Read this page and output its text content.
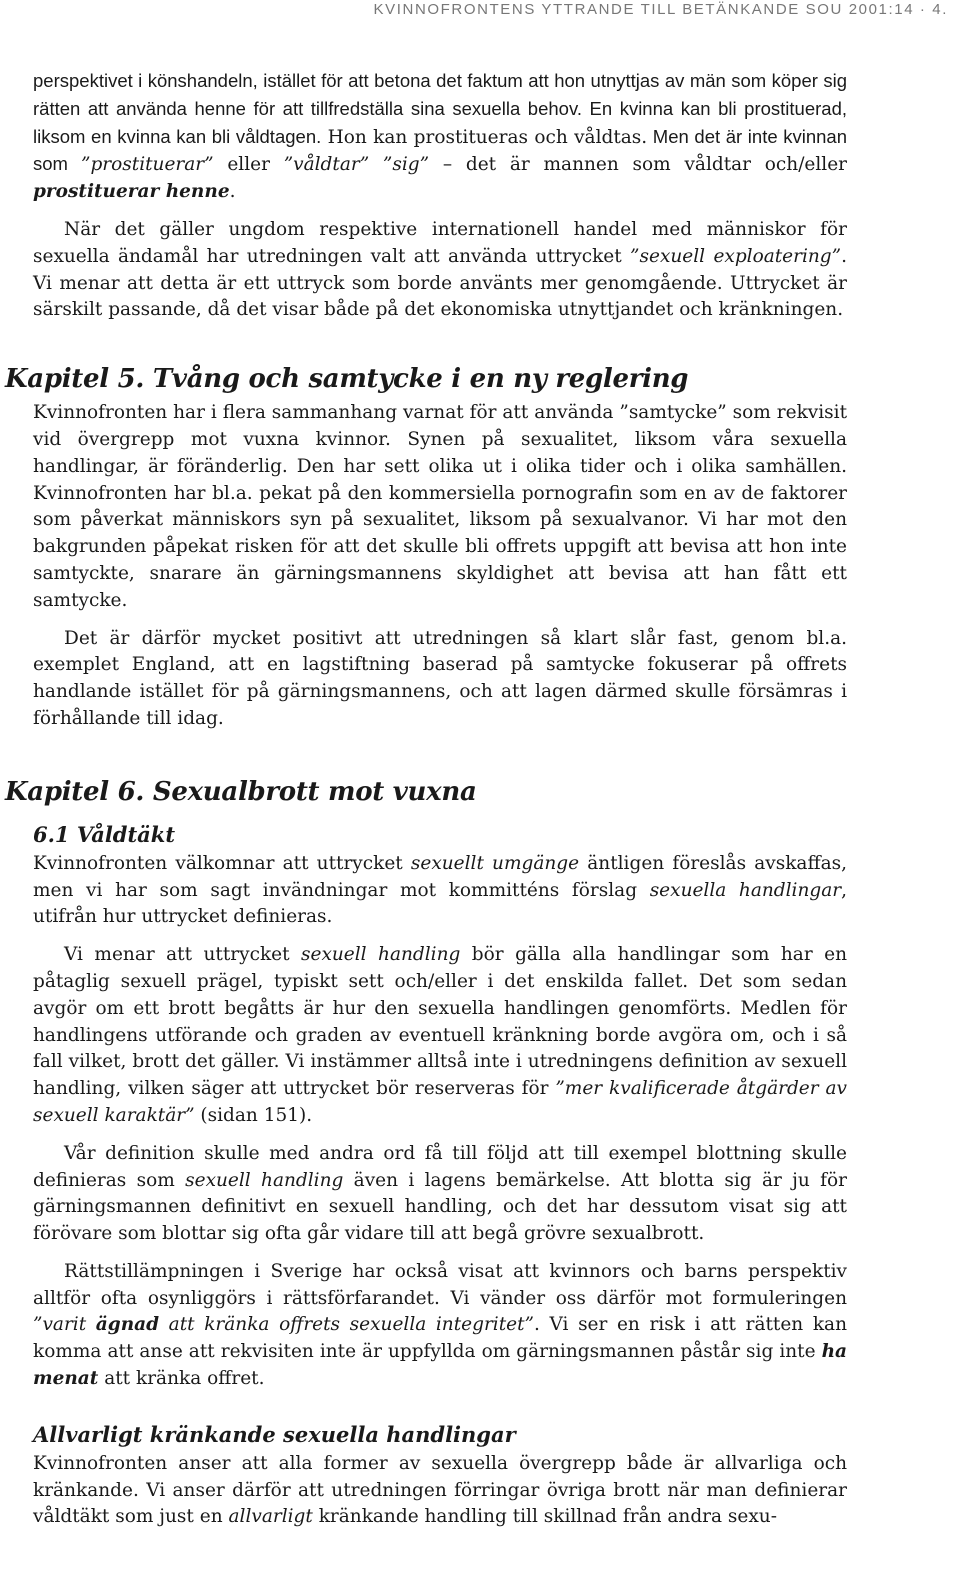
KVINNOFRONTENS YTTRANDE TILL BETÄNKANDE SOU 2001:14 · 4.

perspektivet i könshandeln, istället för att betona det faktum att hon utnyttjas av män som köper sig rätten att använda henne för att tillfredställa sina sexuella behov. En kvinna kan bli prostituerad, liksom en kvinna kan bli våldtagen. Hon kan prostitueras och våldtas. Men det är inte kvinnan som ”prostituerar” eller ”våldtar” ”sig” – det är mannen som våldtar och/eller prostituerar henne.

När det gäller ungdom respektive internationell handel med människor för sexuella ändamål har utredningen valt att använda uttrycket ”sexuell exploatering”. Vi menar att detta är ett uttryck som borde använts mer genomgående. Uttrycket är särskilt passande, då det visar både på det ekonomiska utnyttjandet och kränkningen.

Kapitel 5. Tvång och samtycke i en ny reglering

Kvinnofronten har i flera sammanhang varnat för att använda ”samtycke” som rekvisit vid övergrepp mot vuxna kvinnor. Synen på sexualitet, liksom våra sexuella handlingar, är föränderlig. Den har sett olika ut i olika tider och i olika samhällen. Kvinnofronten har bl.a. pekat på den kommersiella pornografin som en av de faktorer som påverkat människors syn på sexualitet, liksom på sexualvanor. Vi har mot den bakgrunden påpekat risken för att det skulle bli offrets uppgift att bevisa att hon inte samtyckte, snarare än gärningsmannens skyldighet att bevisa att han fått ett samtycke.

Det är därför mycket positivt att utredningen så klart slår fast, genom bl.a. exemplet England, att en lagstiftning baserad på samtycke fokuserar på offrets handlande istället för på gärningsmannens, och att lagen därmed skulle försämras i förhållande till idag.

Kapitel 6. Sexualbrott mot vuxna
6.1 Våldtäkt

Kvinnofronten välkomnar att uttrycket sexuellt umgänge äntligen föreslås avskaffas, men vi har som sagt invändningar mot kommitténs förslag sexuella handlingar, utifrån hur uttrycket definieras.

Vi menar att uttrycket sexuell handling bör gälla alla handlingar som har en påtaglig sexuell prägel, typiskt sett och/eller i det enskilda fallet. Det som sedan avgör om ett brott begåtts är hur den sexuella handlingen genomförts. Medlen för handlingens utförande och graden av eventuell kränkning borde avgöra om, och i så fall vilket, brott det gäller. Vi instämmer alltså inte i utredningens definition av sexuell handling, vilken säger att uttrycket bör reserveras för ”mer kvalificerade åtgärder av sexuell karaktär” (sidan 151).

Vår definition skulle med andra ord få till följd att till exempel blottning skulle definieras som sexuell handling även i lagens bemärkelse. Att blotta sig är ju för gärningsmannen definitivt en sexuell handling, och det har dessutom visat sig att förövare som blottar sig ofta går vidare till att begå grövre sexualbrott.

Rättstillämpningen i Sverige har också visat att kvinnors och barns perspektiv alltför ofta osynliggörs i rättsförfarandet. Vi vänder oss därför mot formuleringen ”varit ägnad att kränka offrets sexuella integritet”. Vi ser en risk i att rätten kan komma att anse att rekvisiten inte är uppfyllda om gärningsmannen påstår sig inte ha menat att kränka offret.

Allvarligt kränkande sexuella handlingar

Kvinnofronten anser att alla former av sexuella övergrepp både är allvarliga och kränkande. Vi anser därför att utredningen förringar övriga brott när man definierar våldtäkt som just en allvarligt kränkande handling till skillnad från andra sexu-
